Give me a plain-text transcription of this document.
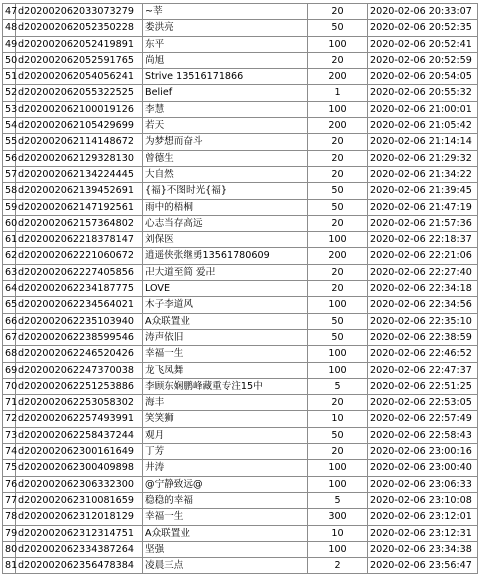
47	d202002062033073279	~莘	20	2020-02-06 20:33:07
48	d202002062052350228	娄洪亮	50	2020-02-06 20:52:35
49	d202002062052419891	东平	100	2020-02-06 20:52:41
50	d202002062052591765	尚旭	20	2020-02-06 20:52:59
51	d202002062054056241	Strive 13516171866	200	2020-02-06 20:54:05
52	d202002062055322525	Belief	1	2020-02-06 20:55:32
53	d202002062100019126	李慧	100	2020-02-06 21:00:01
54	d202002062105429699	若天	200	2020-02-06 21:05:42
55	d202002062114148672	为梦想而奋斗	20	2020-02-06 21:14:14
56	d202002062129328130	曾德生	20	2020-02-06 21:29:32
57	d202002062134224445	大自然	20	2020-02-06 21:34:22
58	d202002062139452691	{福}不图时光{福}	50	2020-02-06 21:39:45
59	d202002062147192561	雨中的梧桐	50	2020-02-06 21:47:19
60	d202002062157364802	心志当存高远	20	2020-02-06 21:57:36
61	d202002062218378147	刘保医	100	2020-02-06 22:18:37
62	d202002062221060672	逍遥侠张继勇13561780609	200	2020-02-06 22:21:06
63	d202002062227405856	卍大道至简 爱卍	20	2020-02-06 22:27:40
64	d202002062234187775	LOVE	20	2020-02-06 22:34:18
65	d202002062234564021	木子李道风	100	2020-02-06 22:34:56
66	d202002062235103940	A众联置业	50	2020-02-06 22:35:10
67	d202002062238599546	涛声依旧	50	2020-02-06 22:38:59
68	d202002062246520426	幸福一生	100	2020-02-06 22:46:52
69	d202002062247370038	龙飞凤舞	100	2020-02-06 22:47:37
70	d202002062251253886	李顾东娴鹏峰藏重专注15中	5	2020-02-06 22:51:25
71	d202002062253058302	海丰	20	2020-02-06 22:53:05
72	d202002062257493991	笑笑狮	10	2020-02-06 22:57:49
73	d202002062258437244	观月	50	2020-02-06 22:58:43
74	d202002062300161649	丁芳	20	2020-02-06 23:00:16
75	d202002062300409898	井涛	100	2020-02-06 23:00:40
76	d202002062306332300	@宁静致远@	100	2020-02-06 23:06:33
77	d202002062310081659	稳稳的幸福	5	2020-02-06 23:10:08
78	d202002062312018129	幸福一生	300	2020-02-06 23:12:01
79	d202002062312314751	A众联置业	10	2020-02-06 23:12:31
80	d202002062334387264	坚强	100	2020-02-06 23:34:38
81	d202002062356478384	凌晨三点	2	2020-02-06 23:56:47
